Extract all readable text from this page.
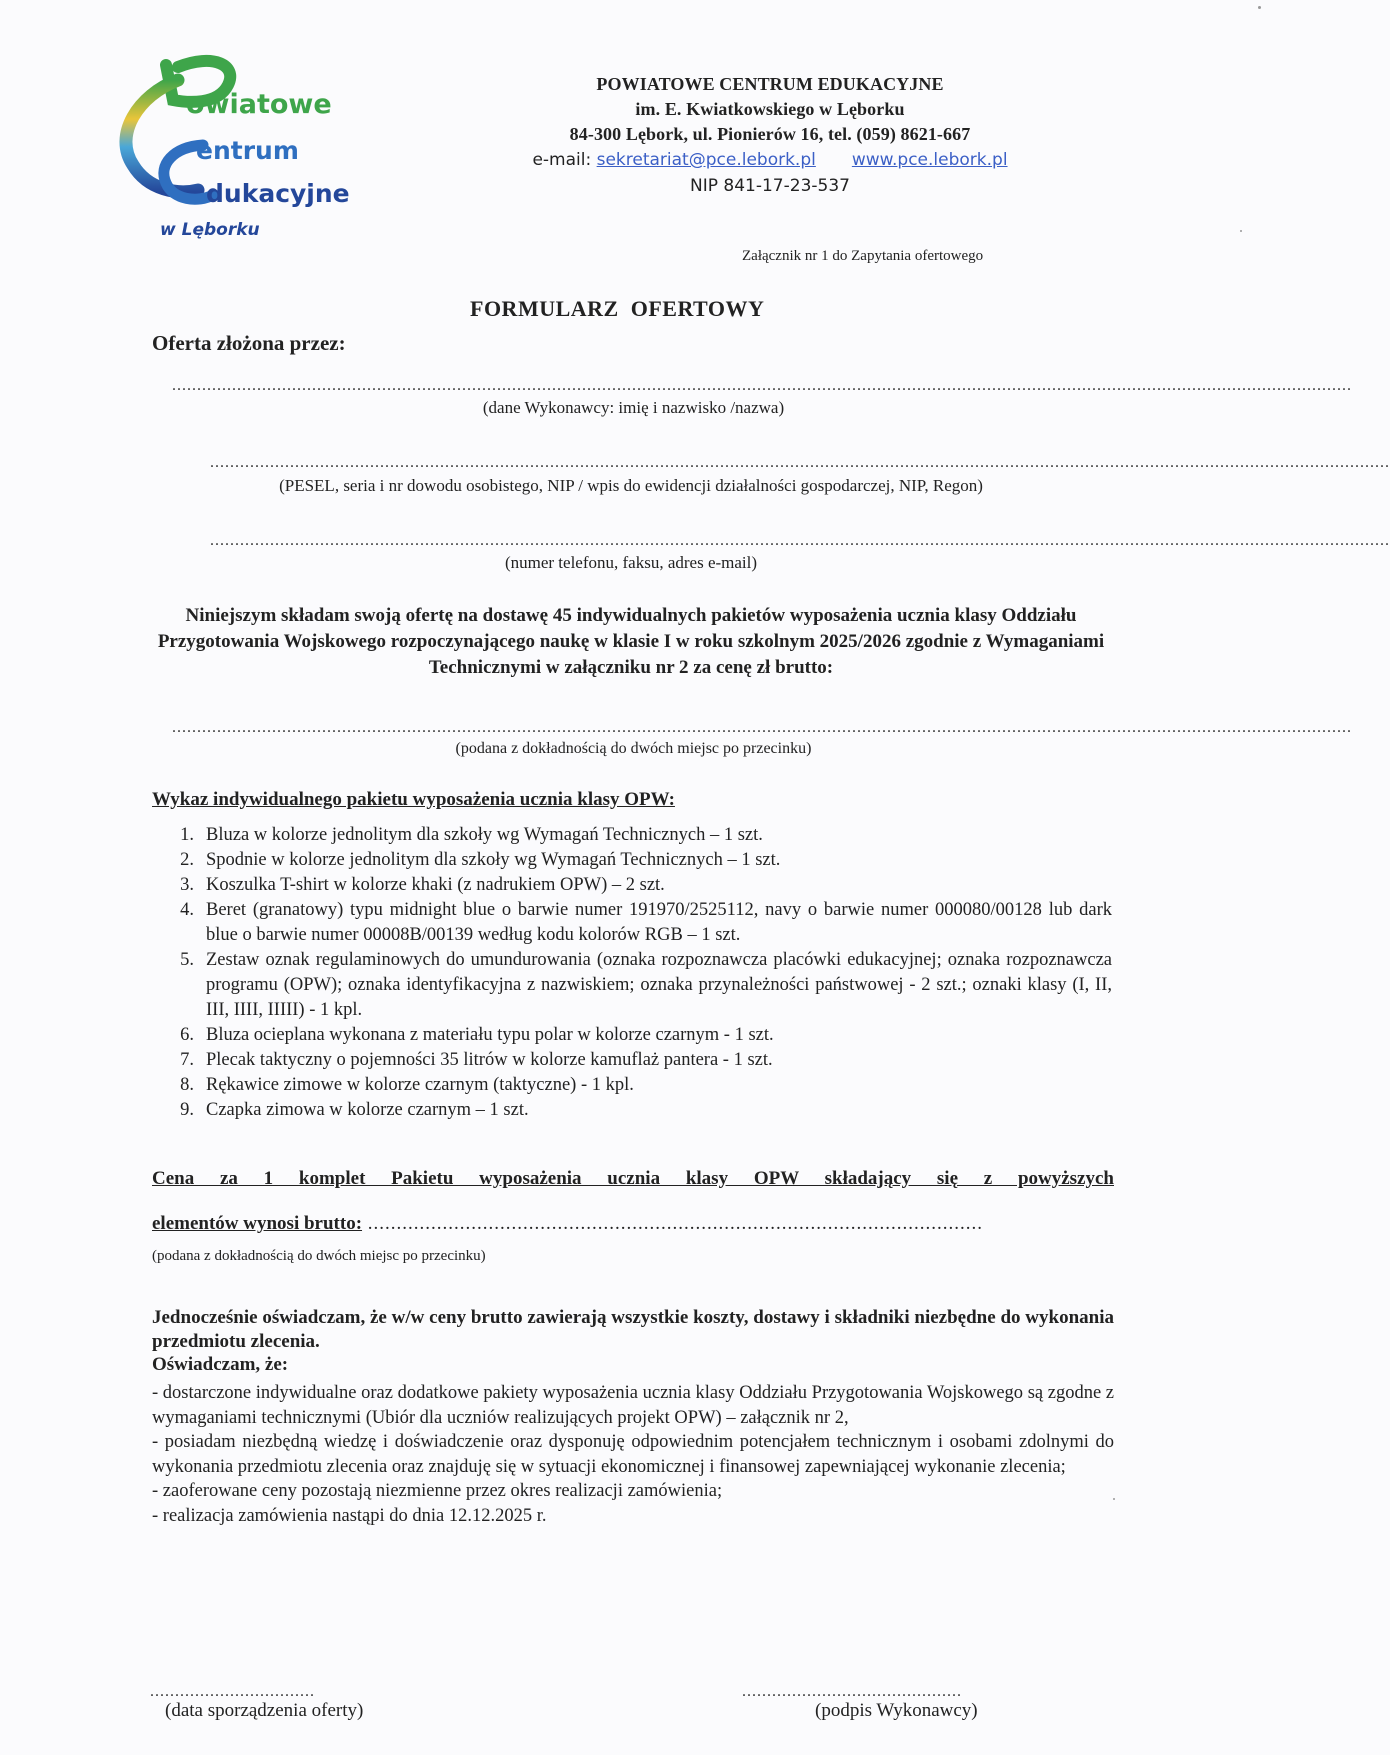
owiatowe
entrum
dukacyjne
w Lęborku
POWIATOWE CENTRUM EDUKACYJNE
im. E. Kwiatkowskiego w Lęborku
84-300 Lębork, ul. Pionierów 16, tel. (059) 8621-667
e-mail: sekretariat@pce.lebork.pl www.pce.lebork.pl
NIP 841-17-23-537
Załącznik nr 1 do Zapytania ofertowego
FORMULARZ  OFERTOWY
Oferta złożona przez:
............................................................................................................................................................................................................................................
(dane Wykonawcy: imię i nazwisko /nazwa)
............................................................................................................................................................................................................................................
(PESEL, seria i nr dowodu osobistego, NIP / wpis do ewidencji działalności gospodarczej, NIP, Regon)
............................................................................................................................................................................................................................................
(numer telefonu, faksu, adres e-mail)
Niniejszym składam swoją ofertę na dostawę 45 indywidualnych pakietów wyposażenia ucznia klasy Oddziału Przygotowania Wojskowego rozpoczynającego naukę w klasie I w roku szkolnym 2025/2026 zgodnie z Wymaganiami Technicznymi w załączniku nr 2 za cenę zł brutto:
............................................................................................................................................................................................................................................
(podana z dokładnością do dwóch miejsc po przecinku)
Wykaz indywidualnego pakietu wyposażenia ucznia klasy OPW:
1. Bluza w kolorze jednolitym dla szkoły wg Wymagań Technicznych – 1 szt.
2. Spodnie w kolorze jednolitym dla szkoły wg Wymagań Technicznych – 1 szt.
3. Koszulka T-shirt w kolorze khaki (z nadrukiem OPW) – 2 szt.
4. Beret (granatowy) typu midnight blue o barwie numer 191970/2525112, navy o barwie numer 000080/00128 lub dark blue o barwie numer 00008B/00139 według kodu kolorów RGB – 1 szt.
5. Zestaw oznak regulaminowych do umundurowania (oznaka rozpoznawcza placówki edukacyjnej; oznaka rozpoznawcza programu (OPW); oznaka identyfikacyjna z nazwiskiem; oznaka przynależności państwowej - 2 szt.; oznaki klasy (I, II, III, IIII, IIIII) - 1 kpl.
6. Bluza ocieplana wykonana z materiału typu polar w kolorze czarnym - 1 szt.
7. Plecak taktyczny o pojemności 35 litrów w kolorze kamuflaż pantera - 1 szt.
8. Rękawice zimowe w kolorze czarnym (taktyczne) - 1 kpl.
9. Czapka zimowa w kolorze czarnym – 1 szt.
Cena za 1 komplet Pakietu wyposażenia ucznia klasy OPW składający się z powyższych
elementów wynosi brutto: ...........................................................................................................
(podana z dokładnością do dwóch miejsc po przecinku)
Jednocześnie oświadczam, że w/w ceny brutto zawierają wszystkie koszty, dostawy i składniki niezbędne do wykonania przedmiotu zlecenia.
Oświadczam, że:

- dostarczone indywidualne oraz dodatkowe pakiety wyposażenia ucznia klasy Oddziału Przygotowania Wojskowego są zgodne z wymaganiami technicznymi (Ubiór dla uczniów realizujących projekt OPW) – załącznik nr 2,

- posiadam niezbędną wiedzę i doświadczenie oraz dysponuję odpowiednim potencjałem technicznym i osobami zdolnymi do wykonania przedmiotu zlecenia oraz znajduję się w sytuacji ekonomicznej i finansowej zapewniającej wykonanie zlecenia;

- zaoferowane ceny pozostają niezmienne przez okres realizacji zamówienia;

- realizacja zamówienia nastąpi do dnia 12.12.2025 r.

.................................
(data sporządzenia oferty)
............................................
(podpis Wykonawcy)
